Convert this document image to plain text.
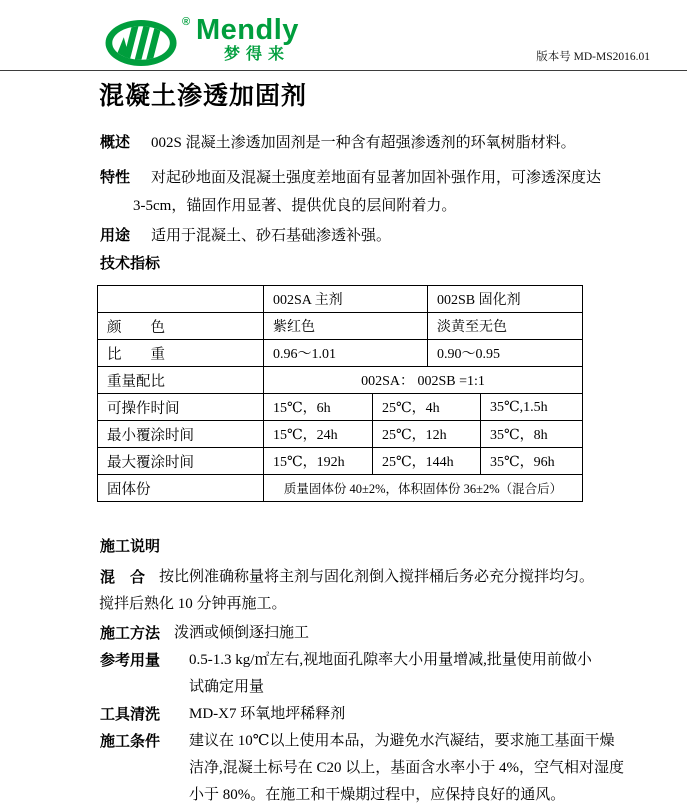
® Mendly
梦得来	版本号 MD-MS2016.01
混凝土渗透加固剂
概述 002S 混凝土渗透加固剂是一种含有超强渗透剂的环氧树脂材料。
特性 对起砂地面及混凝土强度差地面有显著加固补强作用，可渗透深度达
3-5cm，锚固作用显著、提供优良的层间附着力。
用途 适用于混凝土、砂石基础渗透补强。
技术指标
	002SA 主剂		002SB 固化剂	
颜　　色	紫红色		淡黄至无色	
比　　重	0.96～1.01		0.90～0.95	
重量配比	002SA： 002SB =1:1			
可操作时间	15℃，6h	25℃，4h		35℃,1.5h
最小覆涂时间	15℃，24h	25℃，12h		35℃，8h
最大覆涂时间	15℃，192h	25℃，144h		35℃，96h
固体份	质量固体份 40±2%，体积固体份 36±2%（混合后）			
施工说明
混　合 按比例准确称量将主剂与固化剂倒入搅拌桶后务必充分搅拌均匀。
搅拌后熟化 10 分钟再施工。
施工方法 泼洒或倾倒逐扫施工
参考用量 0.5-1.3 kg/㎡左右,视地面孔隙率大小用量增减,批量使用前做小
试确定用量
工具清洗 MD-X7 环氧地坪稀释剂
施工条件 建议在 10℃以上使用本品，为避免水汽凝结，要求施工基面干燥
洁净,混凝土标号在 C20 以上，基面含水率小于 4%，空气相对湿度
小于 80%。在施工和干燥期过程中，应保持良好的通风。
